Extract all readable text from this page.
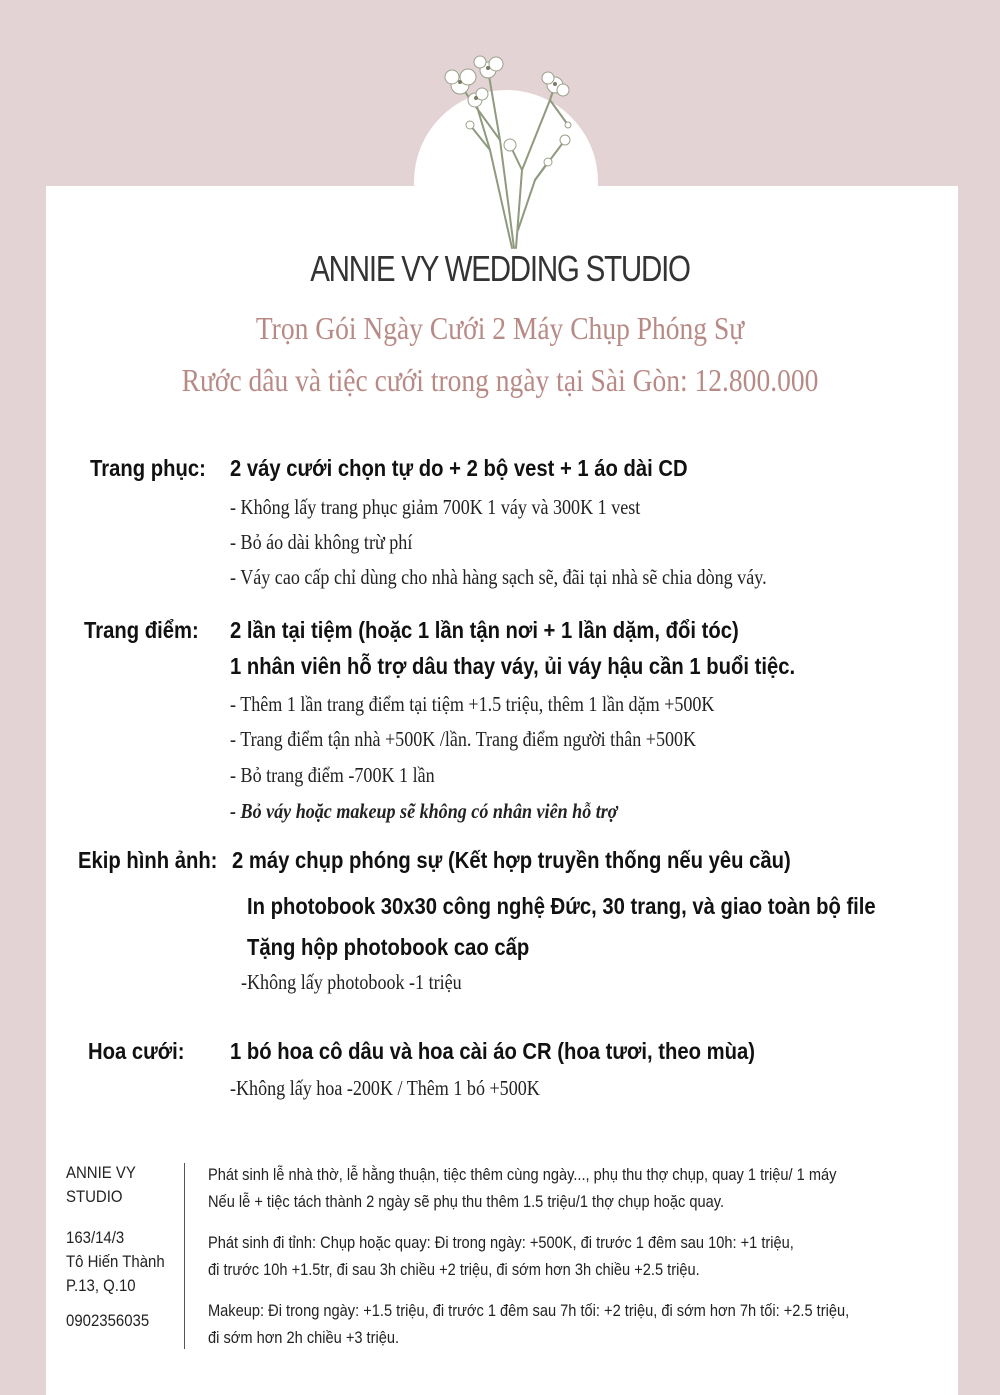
ANNIE VY WEDDING STUDIO
Trọn Gói Ngày Cưới 2 Máy Chụp Phóng Sự
Rước dâu và tiệc cưới trong ngày tại Sài Gòn: 12.800.000
Trang phục: 2 váy cưới chọn tự do + 2 bộ vest + 1 áo dài CD
- Không lấy trang phục giảm 700K 1 váy và 300K 1 vest
- Bỏ áo dài không trừ phí
- Váy cao cấp chỉ dùng cho nhà hàng sạch sẽ, đãi tại nhà sẽ chia dòng váy.
Trang điểm: 2 lần tại tiệm (hoặc 1 lần tận nơi + 1 lần dặm, đổi tóc)
1 nhân viên hỗ trợ dâu thay váy, ủi váy hậu cần 1 buổi tiệc.
- Thêm 1 lần trang điểm tại tiệm +1.5 triệu, thêm 1 lần dặm +500K
- Trang điểm tận nhà +500K /lần. Trang điểm người thân +500K
- Bỏ trang điểm -700K 1 lần
- Bỏ váy hoặc makeup sẽ không có nhân viên hỗ trợ
Ekip hình ảnh: 2 máy chụp phóng sự (Kết hợp truyền thống nếu yêu cầu)
In photobook 30x30 công nghệ Đức, 30 trang, và giao toàn bộ file
Tặng hộp photobook cao cấp
-Không lấy photobook -1 triệu
Hoa cưới: 1 bó hoa cô dâu và hoa cài áo CR (hoa tươi, theo mùa)
-Không lấy hoa -200K / Thêm 1 bó +500K
ANNIE VY
STUDIO
163/14/3
Tô Hiến Thành
P.13, Q.10
0902356035
Phát sinh lễ nhà thờ, lễ hằng thuận, tiệc thêm cùng ngày..., phụ thu thợ chụp, quay 1 triệu/ 1 máy
Nếu lễ + tiệc tách thành 2 ngày sẽ phụ thu thêm 1.5 triệu/1 thợ chụp hoặc quay.
Phát sinh đi tỉnh: Chụp hoặc quay: Đi trong ngày: +500K, đi trước 1 đêm sau 10h: +1 triệu,
đi trước 10h +1.5tr, đi sau 3h chiều +2 triệu, đi sớm hơn 3h chiều +2.5 triệu.
Makeup: Đi trong ngày: +1.5 triệu, đi trước 1 đêm sau 7h tối: +2 triệu, đi sớm hơn 7h tối: +2.5 triệu,
đi sớm hơn 2h chiều +3 triệu.
